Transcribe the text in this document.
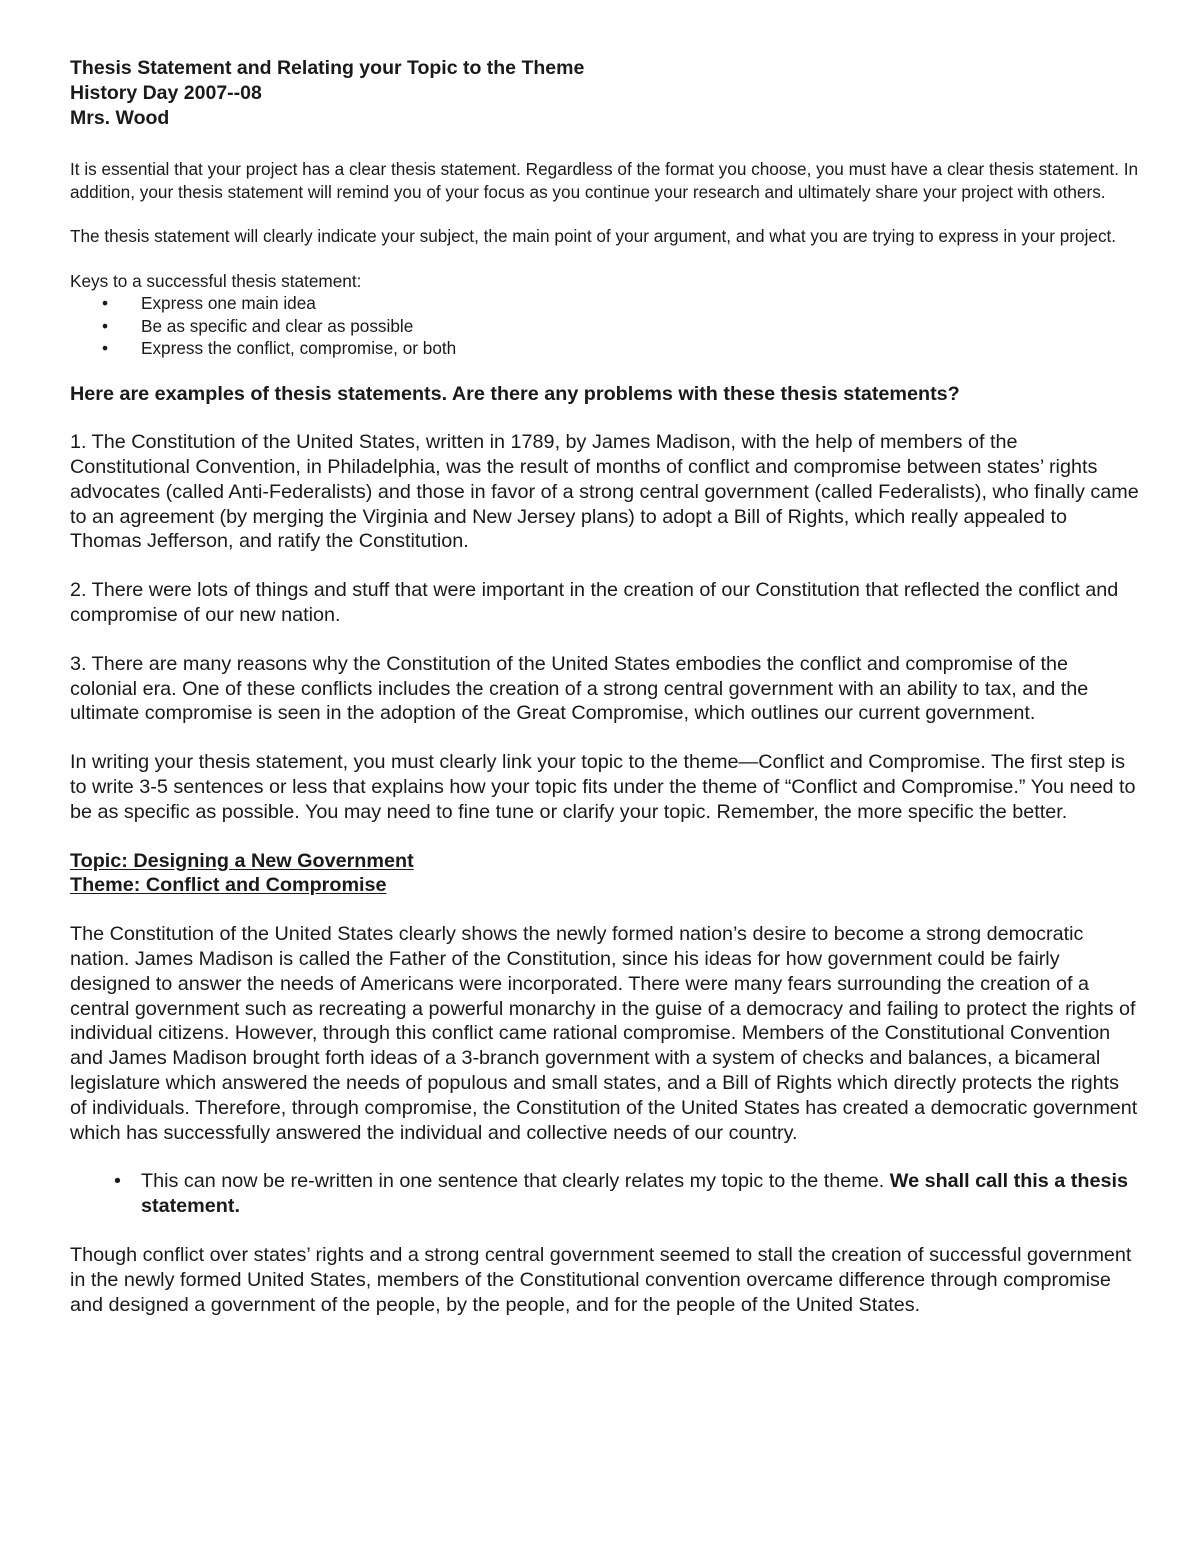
Thesis Statement and Relating your Topic to the Theme
History Day 2007--08
Mrs. Wood

It is essential that your project has a clear thesis statement. Regardless of the format you choose, you must have a clear thesis statement. In addition, your thesis statement will remind you of your focus as you continue your research and ultimately share your project with others.

The thesis statement will clearly indicate your subject, the main point of your argument, and what you are trying to express in your project.

Keys to a successful thesis statement:

• Express one main idea
• Be as specific and clear as possible
• Express the conflict, compromise, or both

Here are examples of thesis statements. Are there any problems with these thesis statements?

1. The Constitution of the United States, written in 1789, by James Madison, with the help of members of the Constitutional Convention, in Philadelphia, was the result of months of conflict and compromise between states’ rights advocates (called Anti-Federalists) and those in favor of a strong central government (called Federalists), who finally came to an agreement (by merging the Virginia and New Jersey plans) to adopt a Bill of Rights, which really appealed to Thomas Jefferson, and ratify the Constitution.

2. There were lots of things and stuff that were important in the creation of our Constitution that reflected the conflict and compromise of our new nation.

3. There are many reasons why the Constitution of the United States embodies the conflict and compromise of the colonial era. One of these conflicts includes the creation of a strong central government with an ability to tax, and the ultimate compromise is seen in the adoption of the Great Compromise, which outlines our current government.

In writing your thesis statement, you must clearly link your topic to the theme—Conflict and Compromise. The first step is to write 3-5 sentences or less that explains how your topic fits under the theme of “Conflict and Compromise.” You need to be as specific as possible. You may need to fine tune or clarify your topic. Remember, the more specific the better.

Topic: Designing a New Government
Theme: Conflict and Compromise

The Constitution of the United States clearly shows the newly formed nation’s desire to become a strong democratic nation. James Madison is called the Father of the Constitution, since his ideas for how government could be fairly designed to answer the needs of Americans were incorporated. There were many fears surrounding the creation of a central government such as recreating a powerful monarchy in the guise of a democracy and failing to protect the rights of individual citizens. However, through this conflict came rational compromise. Members of the Constitutional Convention and James Madison brought forth ideas of a 3-branch government with a system of checks and balances, a bicameral legislature which answered the needs of populous and small states, and a Bill of Rights which directly protects the rights of individuals. Therefore, through compromise, the Constitution of the United States has created a democratic government which has successfully answered the individual and collective needs of our country.

• This can now be re-written in one sentence that clearly relates my topic to the theme. We shall call this a thesis statement.

Though conflict over states’ rights and a strong central government seemed to stall the creation of successful government in the newly formed United States, members of the Constitutional convention overcame difference through compromise and designed a government of the people, by the people, and for the people of the United States.
